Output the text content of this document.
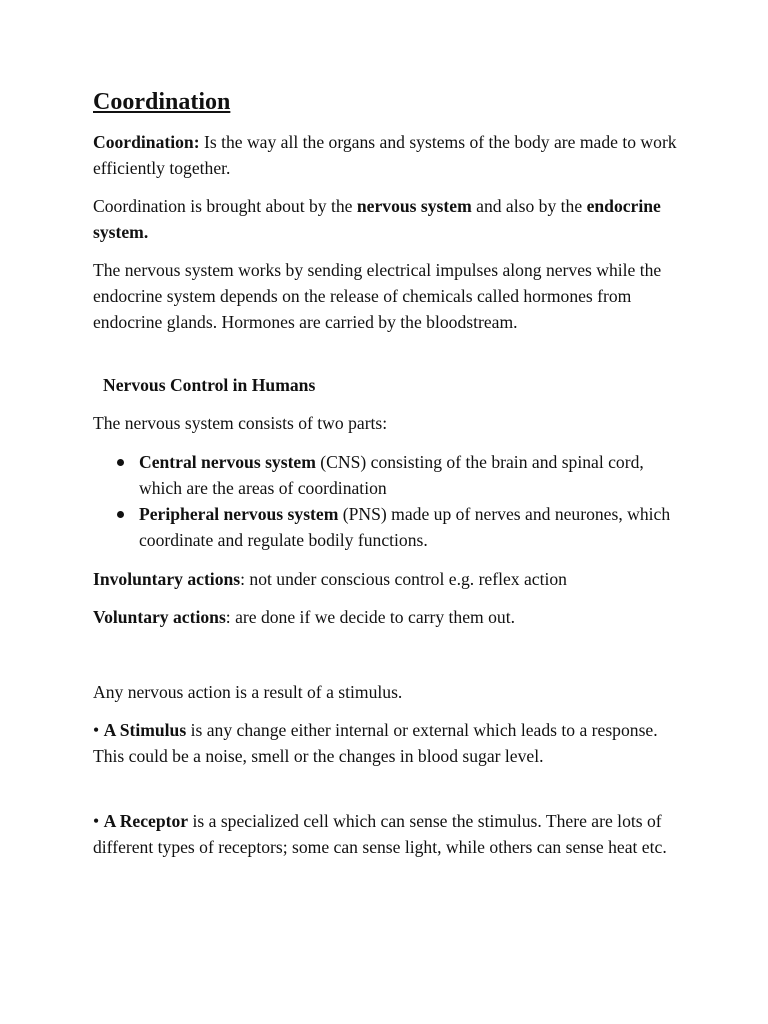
Coordination

Coordination: Is the way all the organs and systems of the body are made to work efficiently together.

Coordination is brought about by the nervous system and also by the endocrine system.

The nervous system works by sending electrical impulses along nerves while the endocrine system depends on the release of chemicals called hormones from endocrine glands. Hormones are carried by the bloodstream.

Nervous Control in Humans

The nervous system consists of two parts:

Central nervous system (CNS) consisting of the brain and spinal cord, which are the areas of coordination
Peripheral nervous system (PNS) made up of nerves and neurones, which coordinate and regulate bodily functions.

Involuntary actions: not under conscious control e.g. reflex action

Voluntary actions: are done if we decide to carry them out.

Any nervous action is a result of a stimulus.

• A Stimulus is any change either internal or external which leads to a response. This could be a noise, smell or the changes in blood sugar level.

• A Receptor is a specialized cell which can sense the stimulus. There are lots of different types of receptors; some can sense light, while others can sense heat etc.
